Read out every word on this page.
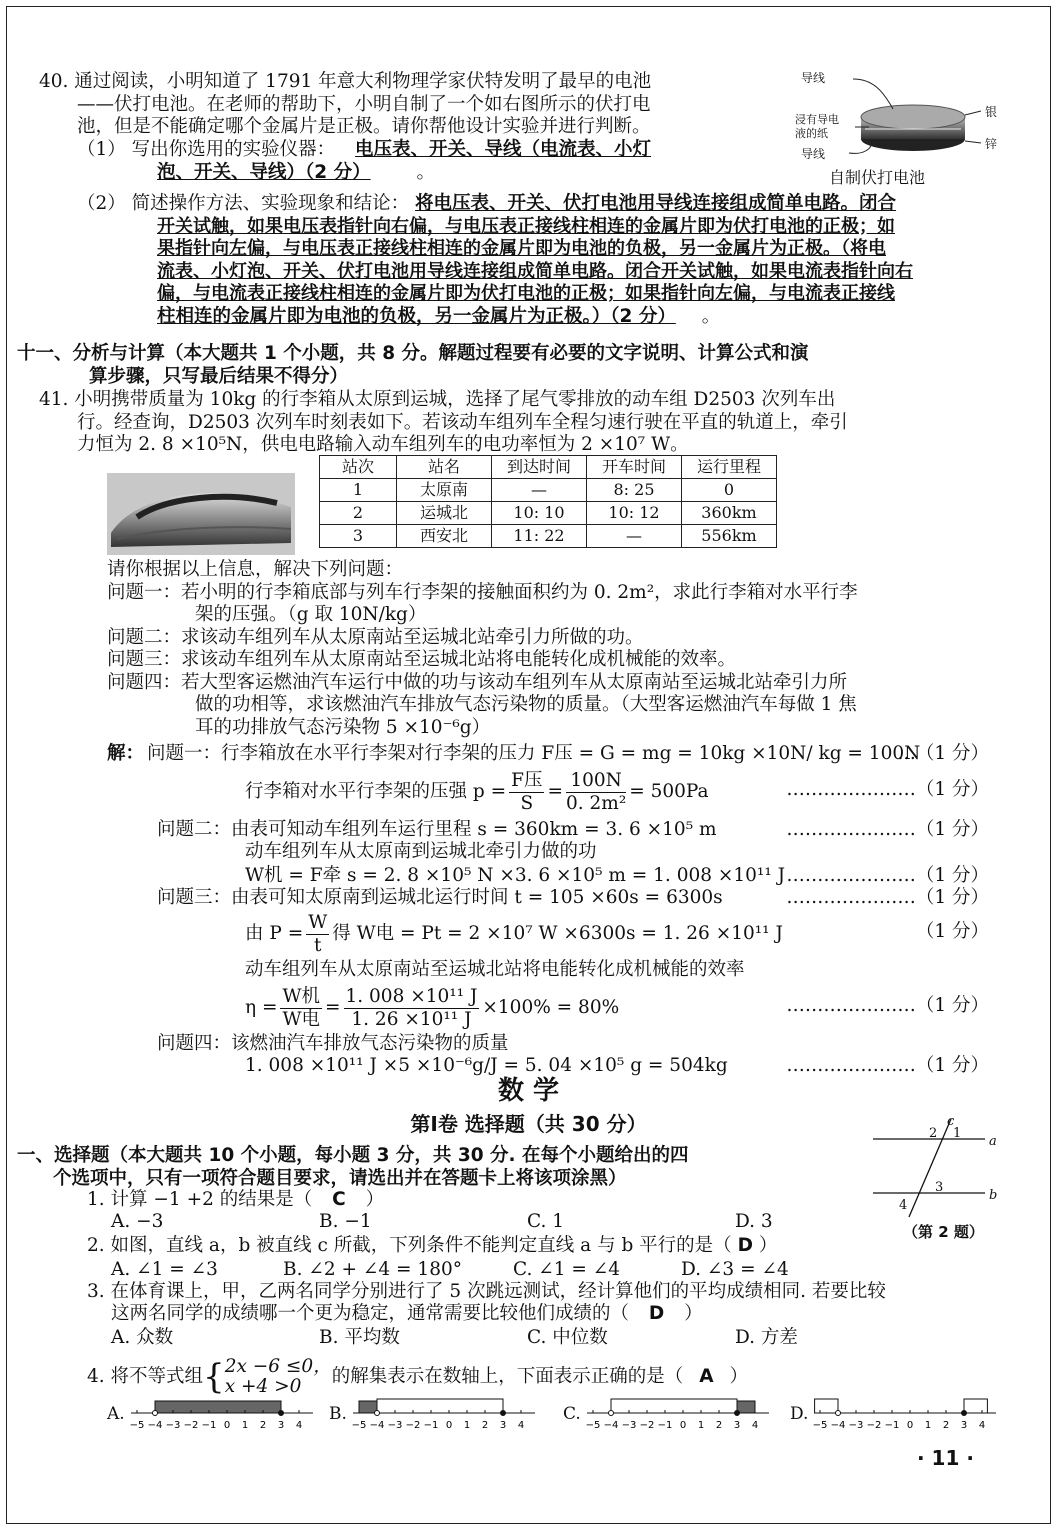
40. 通过阅读，小明知道了 1791 年意大利物理学家伏特发明了最早的电池
——伏打电池。在老师的帮助下，小明自制了一个如右图所示的伏打电
池，但是不能确定哪个金属片是正极。请你帮他设计实验并进行判断。
（1） 写出你选用的实验仪器： 电压表、开关、导线（电流表、小灯
泡、开关、导线）（2 分） 。
（2） 简述操作方法、实验现象和结论： 将电压表、开关、伏打电池用导线连接组成简单电路。闭合
开关试触，如果电压表指针向右偏，与电压表正接线柱相连的金属片即为伏打电池的正极；如
果指针向左偏，与电压表正接线柱相连的金属片即为电池的负极，另一金属片为正极。（将电
流表、小灯泡、开关、伏打电池用导线连接组成简单电路。闭合开关试触，如果电流表指针向右
偏，与电流表正接线柱相连的金属片即为伏打电池的正极；如果指针向左偏，与电流表正接线
柱相连的金属片即为电池的负极，另一金属片为正极。）（2 分） 。
导线
浸有导电
液的纸
导线
银
锌
自制伏打电池
十一、分析与计算（本大题共 1 个小题，共 8 分。解题过程要有必要的文字说明、计算公式和演
算步骤，只写最后结果不得分）
41. 小明携带质量为 10kg 的行李箱从太原到运城，选择了尾气零排放的动车组 D2503 次列车出
行。经查询，D2503 次列车时刻表如下。若该动车组列车全程匀速行驶在平直的轨道上，牵引
力恒为 2. 8 ×10⁵N，供电电路输入动车组列车的电功率恒为 2 ×10⁷ W。
站次	站名	到达时间	开车时间	运行里程
1	太原南	—	8: 25	0
2	运城北	10: 10	10: 12	360km
3	西安北	11: 22	—	556km
请你根据以上信息，解决下列问题：
问题一：若小明的行李箱底部与列车行李架的接触面积约为 0. 2m²，求此行李箱对水平行李
架的压强。（g 取 10N/kg）
问题二：求该动车组列车从太原南站至运城北站牵引力所做的功。
问题三：求该动车组列车从太原南站至运城北站将电能转化成机械能的效率。
问题四：若大型客运燃油汽车运行中做的功与该动车组列车从太原南站至运城北站牵引力所
做的功相等，求该燃油汽车排放气态污染物的质量。（大型客运燃油汽车每做 1 焦
耳的功排放气态污染物 5 ×10⁻⁶g）
解： 问题一：行李箱放在水平行李架对行李架的压力 F压 = G = mg = 10kg ×10N/ kg = 100N
…（1 分）
行李箱对水平行李架的压强 $p = \frac{\text{F压}}{S} = \frac{100N}{\text{0. 2m²}} = 500Pa$	…………………（1 分）
问题二：由表可知动车组列车运行里程 s = 360km = 3. 6 ×10⁵ m	…………………（1 分）
动车组列车从太原南到运城北牵引力做的功
W机 = F牵 s = 2. 8 ×10⁵ N ×3. 6 ×10⁵ m = 1. 008 ×10¹¹ J …………………（1 分）
问题三：由表可知太原南到运城北运行时间 t = 105 ×60s = 6300s	…………………（1 分）
由 $P = \frac{W}{t}$ 得 W电 = Pt = 2 ×10⁷ W ×6300s = 1. 26 ×10¹¹ J	（1 分）
动车组列车从太原南站至运城北站将电能转化成机械能的效率
$\eta = \frac{\text{W机}}{\text{W电}} = \frac{\text{1. 008 ×10¹¹ J}}{\text{1. 26 ×10¹¹ J}} \times 100\% = 80\%$	…………………（1 分）
问题四：该燃油汽车排放气态污染物的质量
1. 008 ×10¹¹ J ×5 ×10⁻⁶g/J = 5. 04 ×10⁵ g = 504kg	…………………（1 分）
数 学
第Ⅰ卷 选择题（共 30 分）	c
a
b
1
2
3
4
（第 2 题）
一、选择题（本大题共 10 个小题，每小题 3 分，共 30 分. 在每个小题给出的四
个选项中，只有一项符合题目要求，请选出并在答题卡上将该项涂黑）
1. 计算 −1 +2 的结果是（ C ）
A. −3	B. −1	C. 1	D. 3
2. 如图，直线 a，b 被直线 c 所截，下列条件不能判定直线 a 与 b 平行的是（ D ）
A. ∠1 = ∠3	B. ∠2 + ∠4 = 180°	C. ∠1 = ∠4	D. ∠3 = ∠4
3. 在体育课上，甲，乙两名同学分别进行了 5 次跳远测试，经计算他们的平均成绩相同. 若要比较
这两名同学的成绩哪一个更为稳定，通常需要比较他们成绩的（ D ）
A. 众数	B. 平均数	C. 中位数	D. 方差
4. 将不等式组 { 2x −6 ≤0，
x +4 >0	的解集表示在数轴上，下面表示正确的是（ A ）
A.
−5 −4 −3 −2 −1 0 1 2 3 4
B.
−5 −4 −3 −2 −1 0 1 2 3 4
C.
−5 −4 −3 −2 −1 0 1 2 3 4
D.
−5 −4 −3 −2 −1 0 1 2 3 4
· 11 ·
